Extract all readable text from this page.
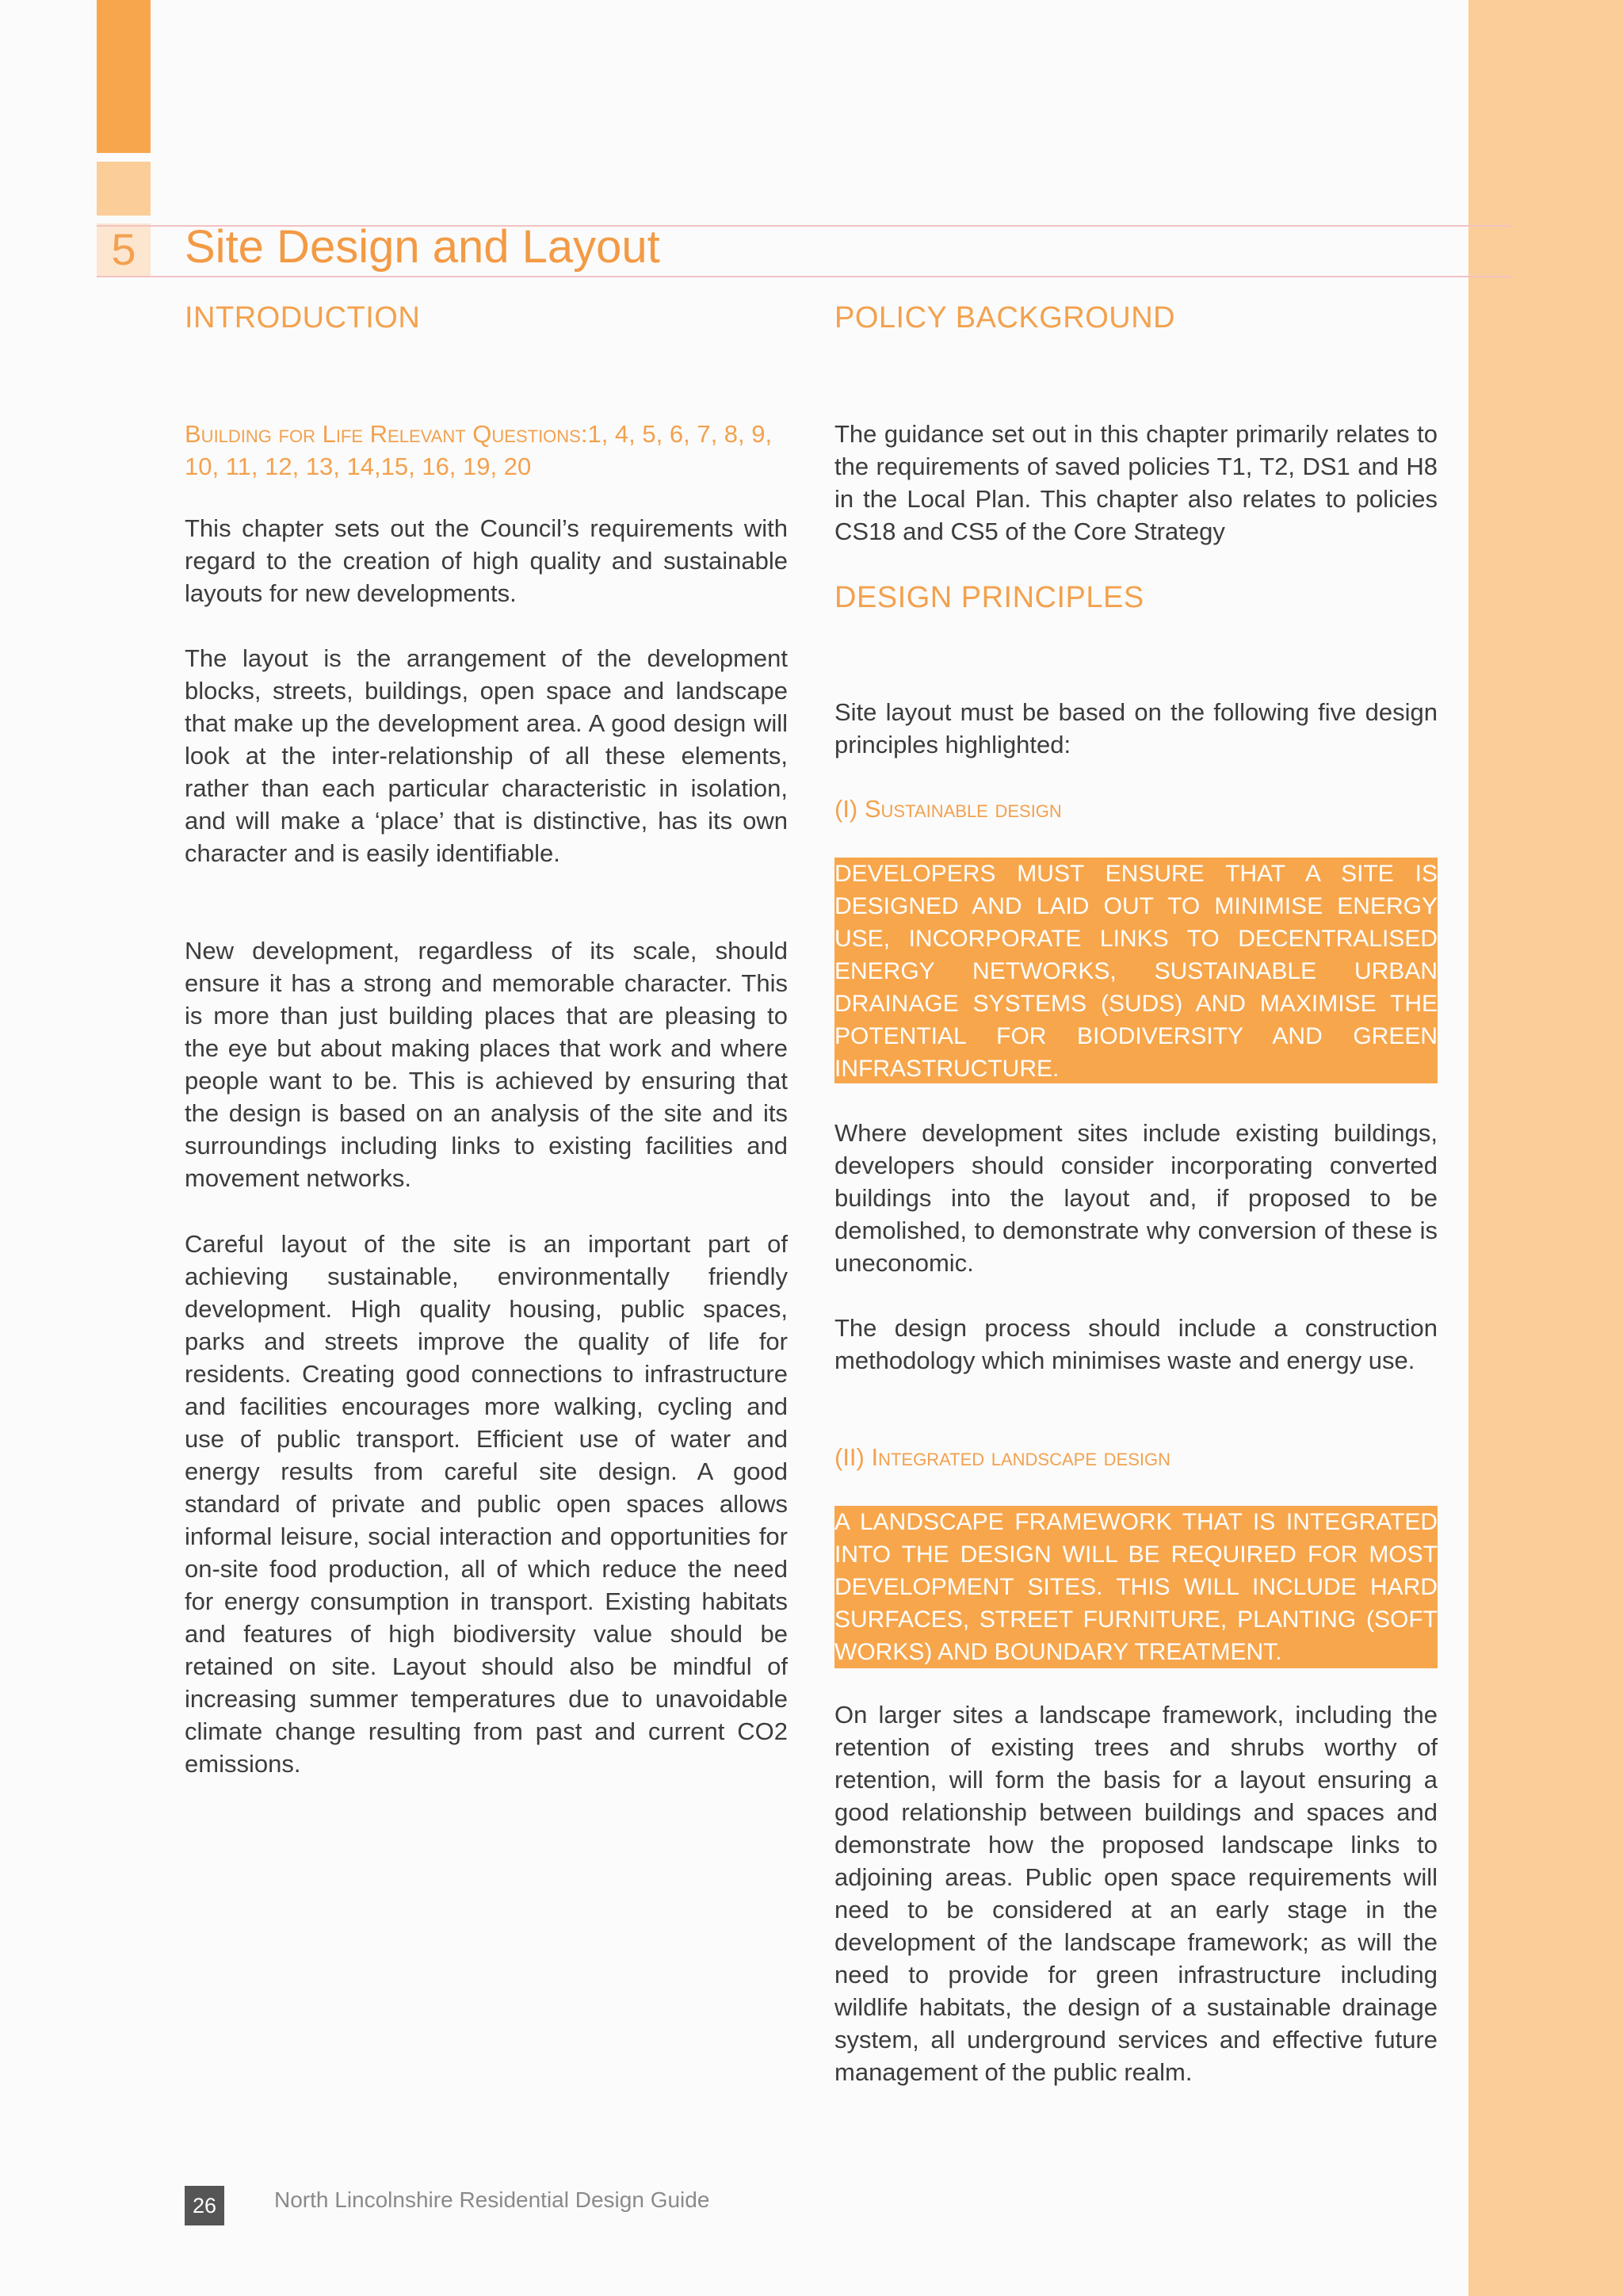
5	Site Design and Layout
INTRODUCTION

Building for Life Relevant Questions:1, 4, 5, 6, 7, 8, 9, 10, 11, 12, 13, 14,15, 16, 19, 20

This chapter sets out the Council’s requirements with regard to the creation of high quality and sustainable layouts for new developments.

The layout is the arrangement of the development blocks, streets, buildings, open space and landscape that make up the development area. A good design will look at the inter-relationship of all these elements, rather than each particular characteristic in isolation, and will make a ‘place’ that is distinctive, has its own character and is easily identifiable.

New development, regardless of its scale, should ensure it has a strong and memorable character. This is more than just building places that are pleasing to the eye but about making places that work and where people want to be. This is achieved by ensuring that the design is based on an analysis of the site and its surroundings including links to existing facilities and movement networks.

Careful layout of the site is an important part of achieving sustainable, environmentally friendly development. High quality housing, public spaces, parks and streets improve the quality of life for residents. Creating good connections to infrastructure and facilities encourages more walking, cycling and use of public transport. Efficient use of water and energy results from careful site design. A good standard of private and public open spaces allows informal leisure, social interaction and opportunities for on-site food production, all of which reduce the need for energy consumption in transport. Existing habitats and features of high biodiversity value should be retained on site. Layout should also be mindful of increasing summer temperatures due to unavoidable climate change resulting from past and current CO2 emissions.

POLICY BACKGROUND

The guidance set out in this chapter primarily relates to the requirements of saved policies T1, T2, DS1 and H8 in the Local Plan. This chapter also relates to policies CS18 and CS5 of the Core Strategy

DESIGN PRINCIPLES

Site layout must be based on the following five design principles highlighted:

(I) Sustainable design

DEVELOPERS MUST ENSURE THAT A SITE IS DESIGNED AND LAID OUT TO MINIMISE ENERGY USE, INCORPORATE LINKS TO DECENTRALISED ENERGY NETWORKS, SUSTAINABLE URBAN DRAINAGE SYSTEMS (SUDS) AND MAXIMISE THE POTENTIAL FOR BIODIVERSITY AND GREEN INFRASTRUCTURE.

Where development sites include existing buildings, developers should consider incorporating converted buildings into the layout and, if proposed to be demolished, to demonstrate why conversion of these is uneconomic.

The design process should include a construction methodology which minimises waste and energy use.

(II) Integrated landscape design

A LANDSCAPE FRAMEWORK THAT IS INTEGRATED INTO THE DESIGN WILL BE REQUIRED FOR MOST DEVELOPMENT SITES. THIS WILL INCLUDE HARD SURFACES, STREET FURNITURE, PLANTING (SOFT WORKS) AND BOUNDARY TREATMENT.

On larger sites a landscape framework, including the retention of existing trees and shrubs worthy of retention, will form the basis for a layout ensuring a good relationship between buildings and spaces and demonstrate how the proposed landscape links to adjoining areas. Public open space requirements will need to be considered at an early stage in the development of the landscape framework; as will the need to provide for green infrastructure including wildlife habitats, the design of a sustainable drainage system, all underground services and effective future management of the public realm.

26	North Lincolnshire Residential Design Guide
